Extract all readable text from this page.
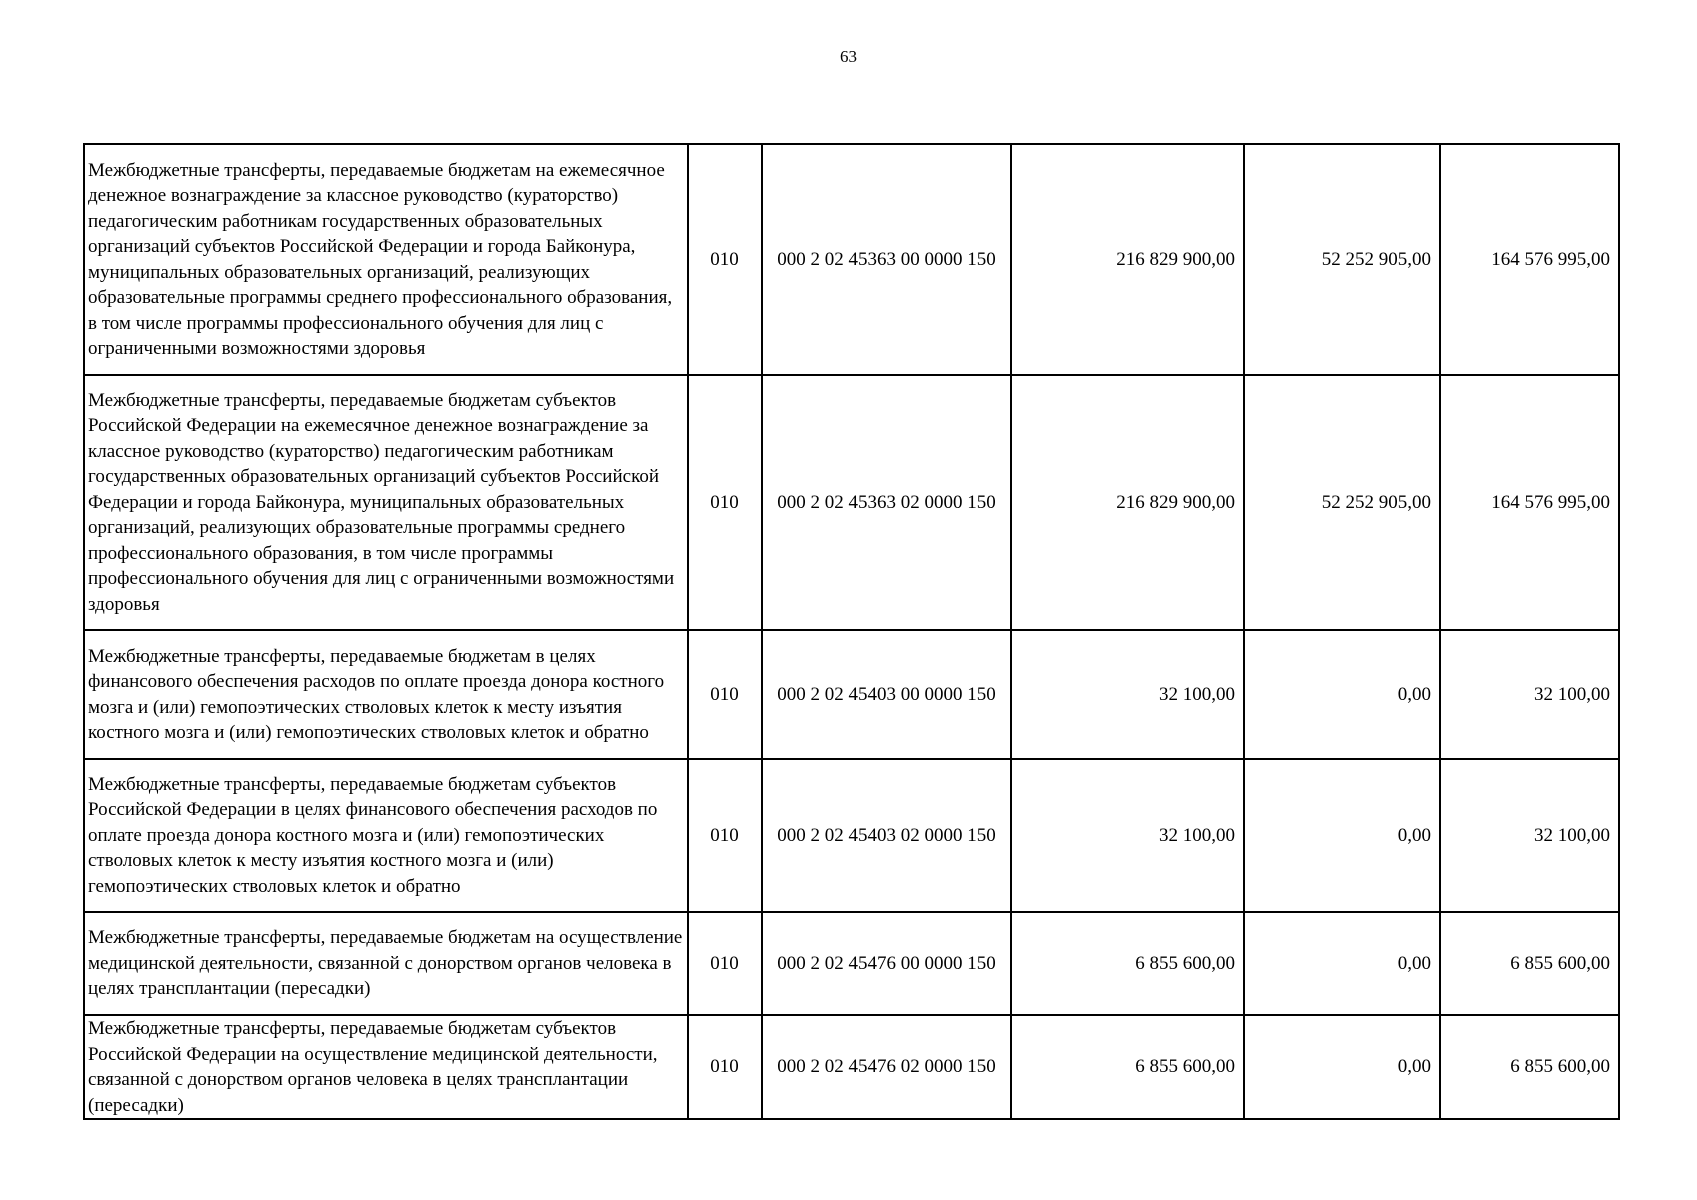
63
Межбюджетные трансферты, передаваемые бюджетам на ежемесячное денежное вознаграждение за классное руководство (кураторство) педагогическим работникам государственных образовательных организаций субъектов Российской Федерации и города Байконура, муниципальных образовательных организаций, реализующих образовательные программы среднего профессионального образования, в том числе программы профессионального обучения для лиц с ограниченными возможностями здоровья	010	000 2 02 45363 00 0000 150	216 829 900,00	52 252 905,00	164 576 995,00
Межбюджетные трансферты, передаваемые бюджетам субъектов Российской Федерации на ежемесячное денежное вознаграждение за классное руководство (кураторство) педагогическим работникам государственных образовательных организаций субъектов Российской Федерации и города Байконура, муниципальных образовательных организаций, реализующих образовательные программы среднего профессионального образования, в том числе программы профессионального обучения для лиц с ограниченными возможностями здоровья	010	000 2 02 45363 02 0000 150	216 829 900,00	52 252 905,00	164 576 995,00
Межбюджетные трансферты, передаваемые бюджетам в целях финансового обеспечения расходов по оплате проезда донора костного мозга и (или) гемопоэтических стволовых клеток к месту изъятия костного мозга и (или) гемопоэтических стволовых клеток и обратно	010	000 2 02 45403 00 0000 150	32 100,00	0,00	32 100,00
Межбюджетные трансферты, передаваемые бюджетам субъектов Российской Федерации в целях финансового обеспечения расходов по оплате проезда донора костного мозга и (или) гемопоэтических стволовых клеток к месту изъятия костного мозга и (или) гемопоэтических стволовых клеток и обратно	010	000 2 02 45403 02 0000 150	32 100,00	0,00	32 100,00
Межбюджетные трансферты, передаваемые бюджетам на осуществление медицинской деятельности, связанной с донорством органов человека в целях трансплантации (пересадки)	010	000 2 02 45476 00 0000 150	6 855 600,00	0,00	6 855 600,00
Межбюджетные трансферты, передаваемые бюджетам субъектов Российской Федерации на осуществление медицинской деятельности, связанной с донорством органов человека в целях трансплантации (пересадки)	010	000 2 02 45476 02 0000 150	6 855 600,00	0,00	6 855 600,00
